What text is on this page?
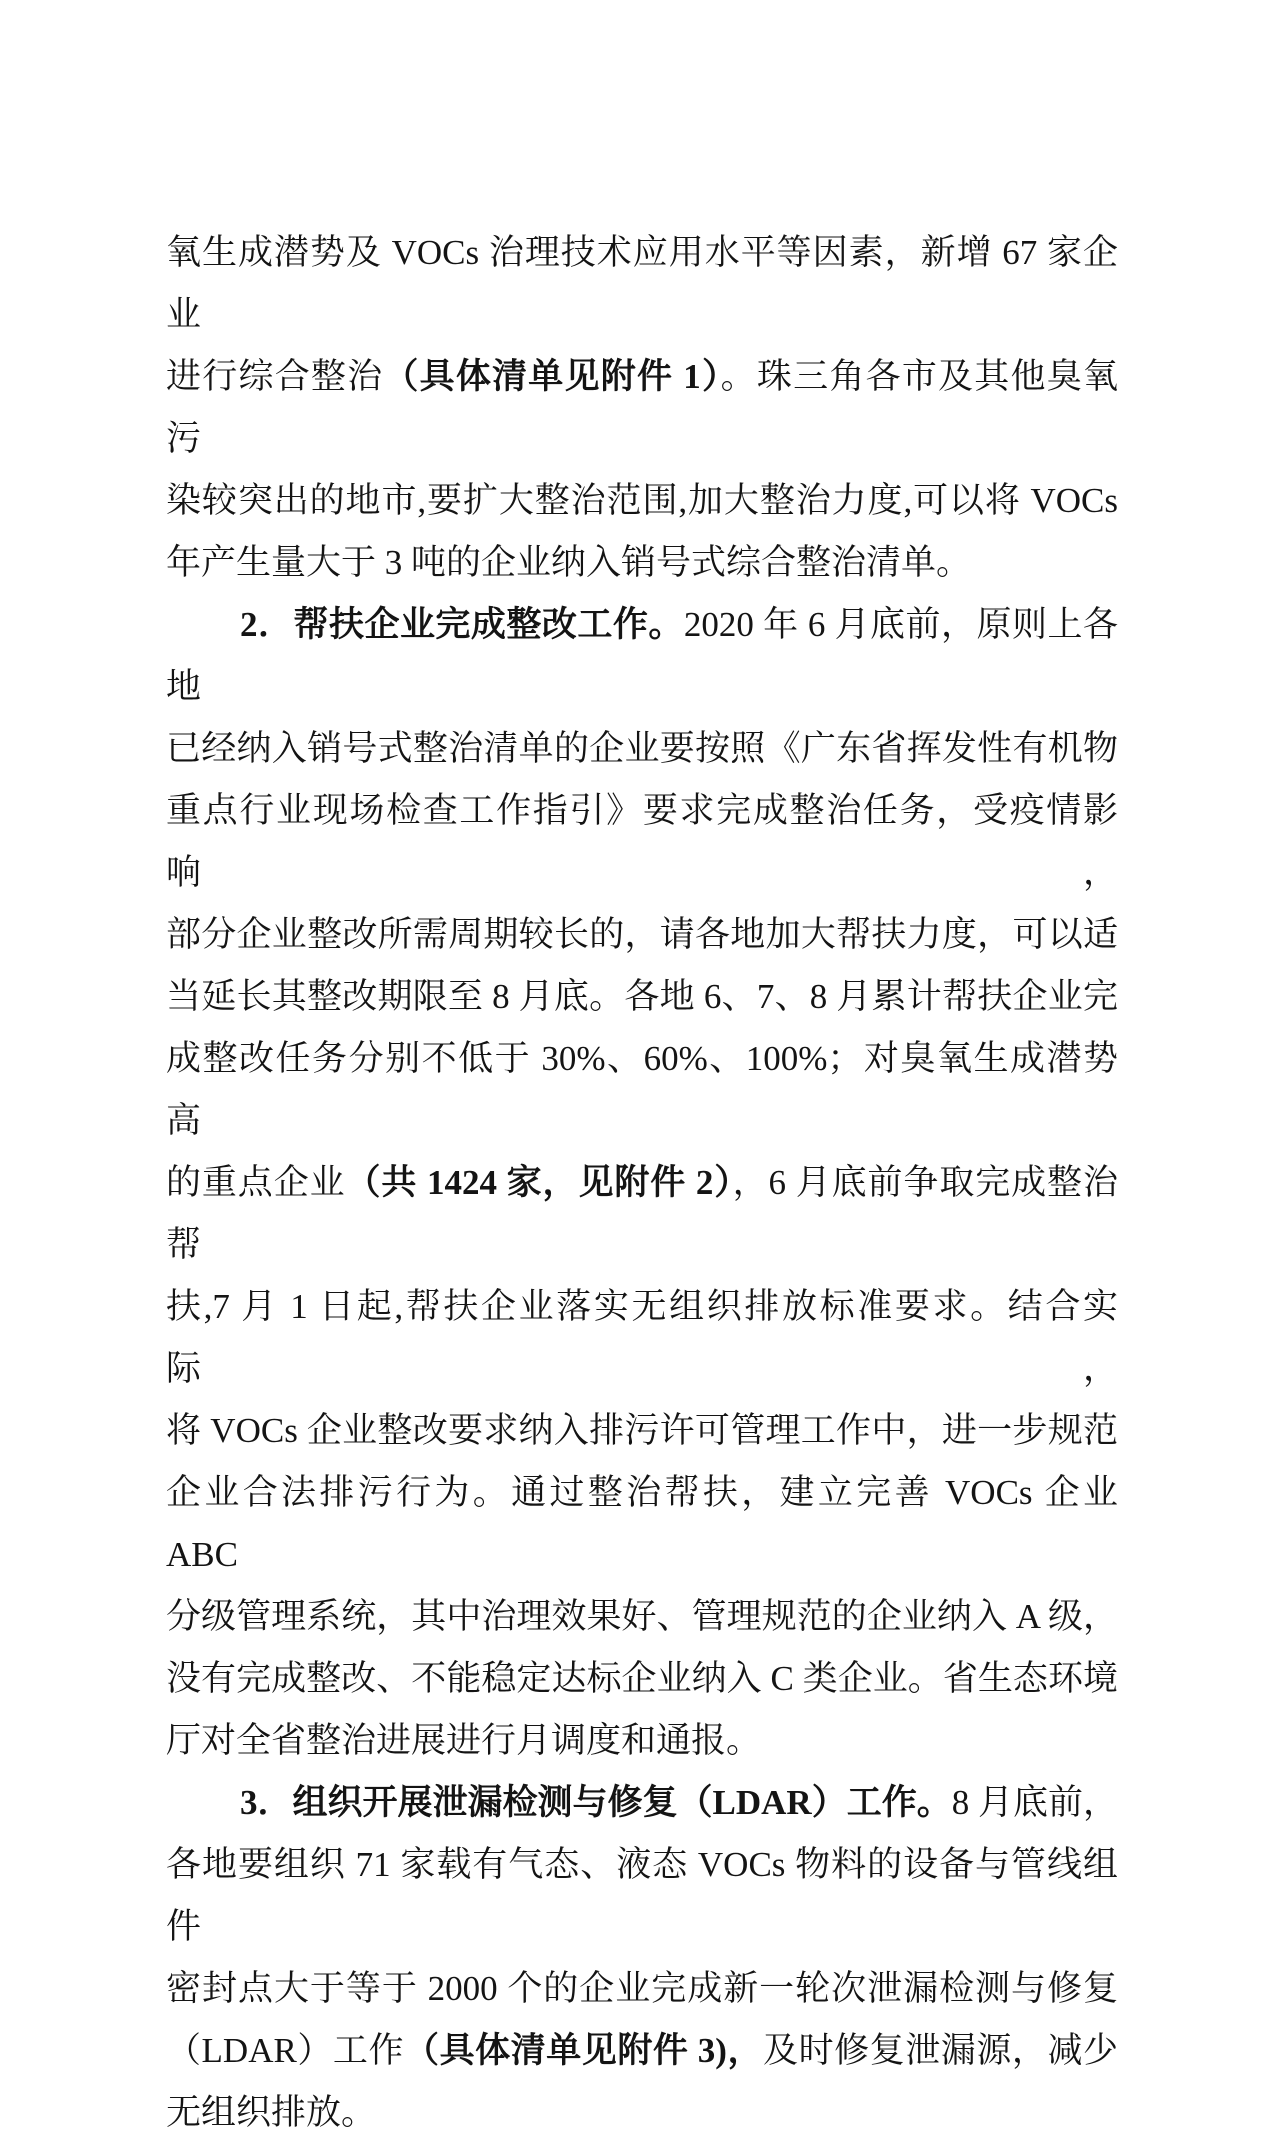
氧生成潜势及 VOCs 治理技术应用水平等因素，新增 67 家企业
进行综合整治（具体清单见附件 1）。珠三角各市及其他臭氧污
染较突出的地市,要扩大整治范围,加大整治力度,可以将 VOCs
年产生量大于 3 吨的企业纳入销号式综合整治清单。
2．帮扶企业完成整改工作。2020 年 6 月底前，原则上各地
已经纳入销号式整治清单的企业要按照《广东省挥发性有机物
重点行业现场检查工作指引》要求完成整治任务，受疫情影响，
部分企业整改所需周期较长的，请各地加大帮扶力度，可以适
当延长其整改期限至 8 月底。各地 6、7、8 月累计帮扶企业完
成整改任务分别不低于 30%、60%、100%；对臭氧生成潜势高
的重点企业（共 1424 家，见附件 2），6 月底前争取完成整治帮
扶,7 月 1 日起,帮扶企业落实无组织排放标准要求。结合实际，
将 VOCs 企业整改要求纳入排污许可管理工作中，进一步规范
企业合法排污行为。通过整治帮扶，建立完善 VOCs 企业 ABC
分级管理系统，其中治理效果好、管理规范的企业纳入 A 级，
没有完成整改、不能稳定达标企业纳入 C 类企业。省生态环境
厅对全省整治进展进行月调度和通报。
3．组织开展泄漏检测与修复（LDAR）工作。8 月底前，
各地要组织 71 家载有气态、液态 VOCs 物料的设备与管线组件
密封点大于等于 2000 个的企业完成新一轮次泄漏检测与修复
（LDAR）工作（具体清单见附件 3)，及时修复泄漏源，减少
无组织排放。
